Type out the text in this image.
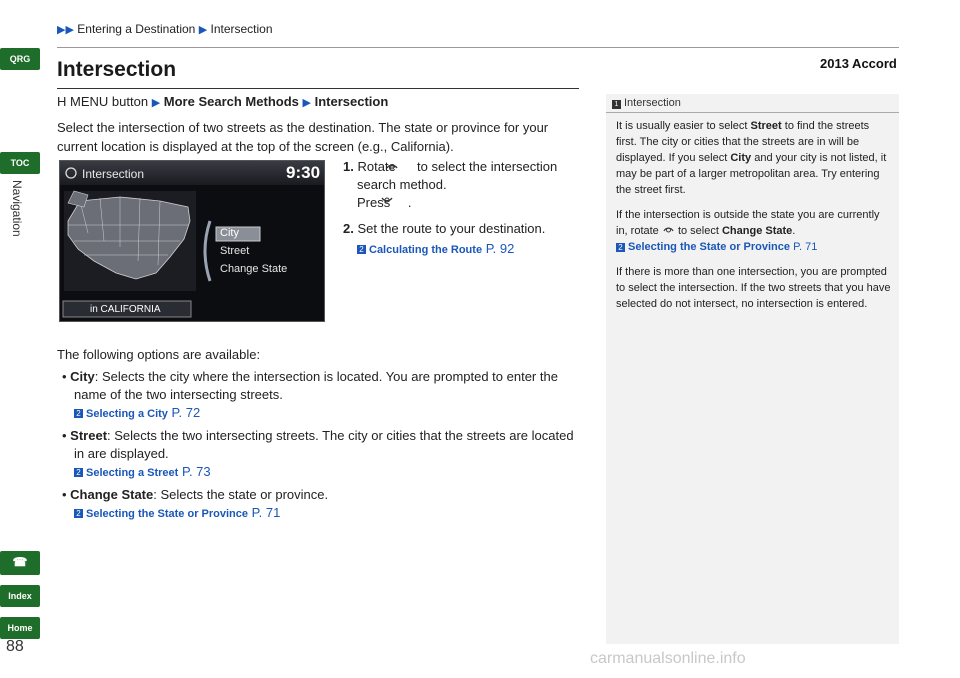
▶▶ Entering a Destination ▶ Intersection
2013 Accord
Intersection
H MENU button ▶ More Search Methods ▶ Intersection
Select the intersection of two streets as the destination. The state or province for your current location is displayed at the top of the screen (e.g., California).
Intersection	9:30
City
Street
Change State
in CALIFORNIA
1. Rotate to select the intersection search method.
Press .
2. Set the route to your destination.
2 Calculating the Route P. 92
The following options are available:
• City: Selects the city where the intersection is located. You are prompted to enter the name of the two intersecting streets.
2 Selecting a City P. 72
• Street: Selects the two intersecting streets. The city or cities that the streets are located in are displayed.
2 Selecting a Street P. 73
• Change State: Selects the state or province.
2 Selecting the State or Province P. 71
1 Intersection

It is usually easier to select Street to find the streets first. The city or cities that the streets are in will be displayed. If you select City and your city is not listed, it may be part of a larger metropolitan area. Try entering the street first.

If the intersection is outside the state you are currently in, rotate to select Change State.
2 Selecting the State or Province P. 71

If there is more than one intersection, you are prompted to select the intersection. If the two streets that you have selected do not intersect, no intersection is entered.

QRG
TOC
Navigation
☎
Index
Home
88
carmanualsonline.info
